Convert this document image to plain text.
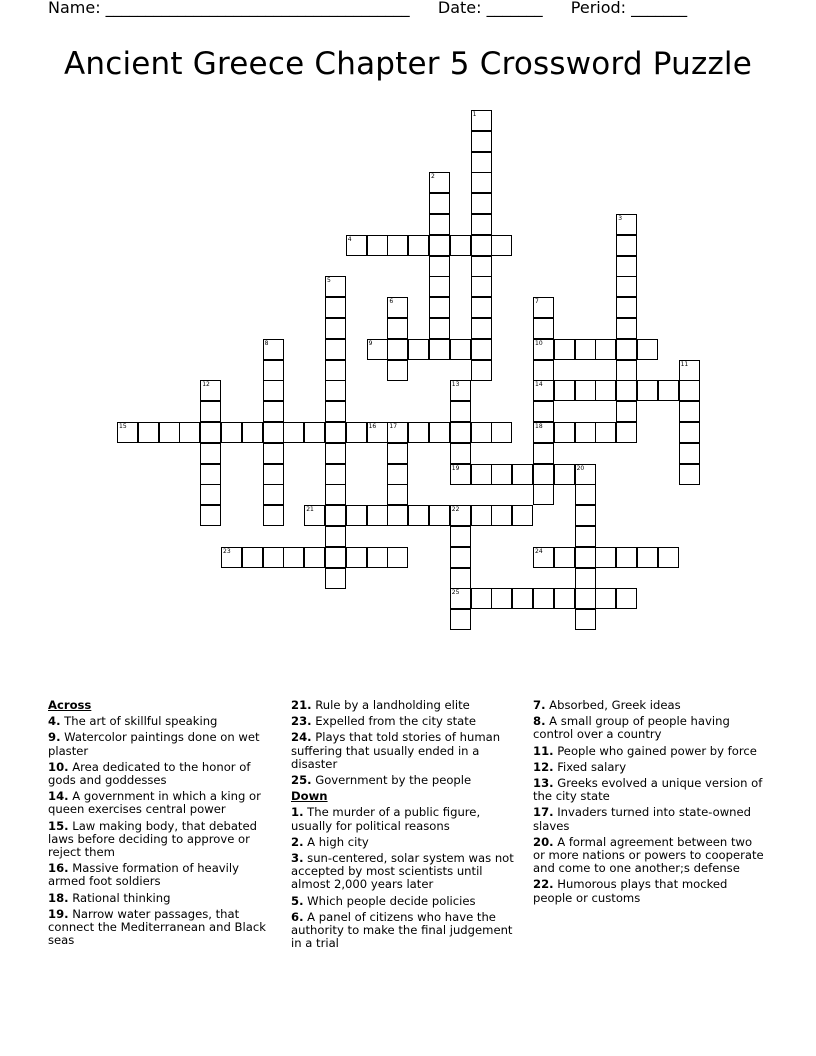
Name: ______________________________________ Date: _______ Period: _______
Ancient Greece Chapter 5 Crossword Puzzle
1
2
3
4
5
6	7
10
14
18
8	9
11
12	13
19
15	16 17
20
21	22
25
23	24
Across
4. The art of skillful speaking
9. Watercolor paintings done on wet plaster
10. Area dedicated to the honor of gods and goddesses
14. A government in which a king or queen exercises central power
15. Law making body, that debated laws before deciding to approve or reject them
16. Massive formation of heavily armed foot soldiers
18. Rational thinking
19. Narrow water passages, that connect the Mediterranean and Black seas
21. Rule by a landholding elite
23. Expelled from the city state
24. Plays that told stories of human suffering that usually ended in a disaster
25. Government by the people
Down
1. The murder of a public figure, usually for political reasons
2. A high city
3. sun-centered, solar system was not accepted by most scientists until almost 2,000 years later
5. Which people decide policies
6. A panel of citizens who have the authority to make the final judgement in a trial
7. Absorbed, Greek ideas
8. A small group of people having control over a country
11. People who gained power by force
12. Fixed salary
13. Greeks evolved a unique version of the city state
17. Invaders turned into state-owned slaves
20. A formal agreement between two or more nations or powers to cooperate and come to one another;s defense
22. Humorous plays that mocked people or customs
